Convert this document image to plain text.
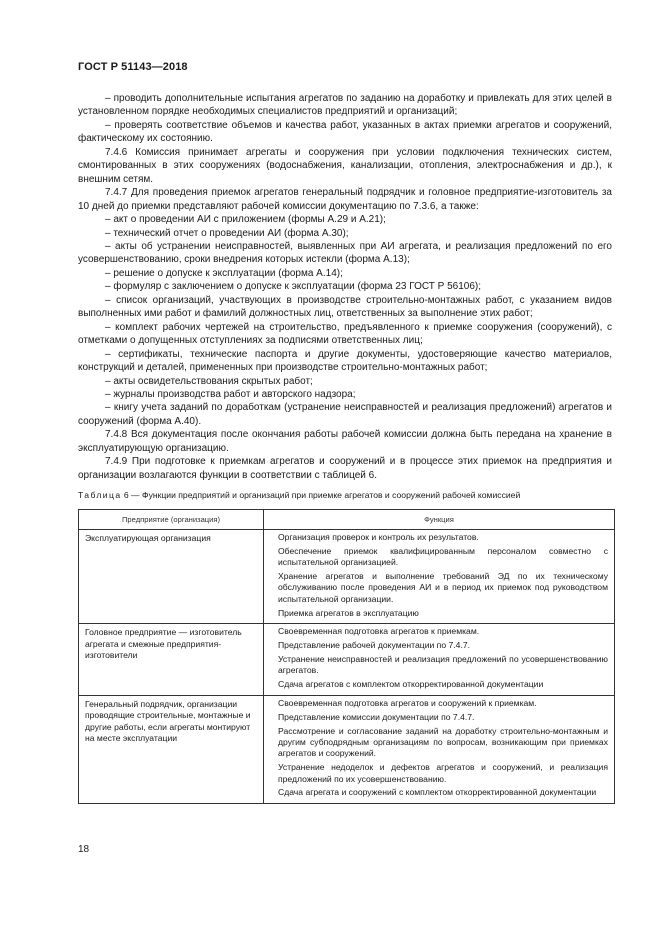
ГОСТ Р 51143—2018

– проводить дополнительные испытания агрегатов по заданию на доработку и привлекать для этих целей в установленном порядке необходимых специалистов предприятий и организаций;

– проверять соответствие объемов и качества работ, указанных в актах приемки агрегатов и сооружений, фактическому их состоянию.

7.4.6 Комиссия принимает агрегаты и сооружения при условии подключения технических систем, смонтированных в этих сооружениях (водоснабжения, канализации, отопления, электроснабжения и др.), к внешним сетям.

7.4.7 Для проведения приемок агрегатов генеральный подрядчик и головное предприятие-изготовитель за 10 дней до приемки представляют рабочей комиссии документацию по 7.3.6, а также:

– акт о проведении АИ с приложением (формы А.29 и А.21);

– технический отчет о проведении АИ (форма А.30);

– акты об устранении неисправностей, выявленных при АИ агрегата, и реализация предложений по его усовершенствованию, сроки внедрения которых истекли (форма А.13);

– решение о допуске к эксплуатации (форма А.14);

– формуляр с заключением о допуске к эксплуатации (форма 23 ГОСТ Р 56106);

– список организаций, участвующих в производстве строительно-монтажных работ, с указанием видов выполненных ими работ и фамилий должностных лиц, ответственных за выполнение этих работ;

– комплект рабочих чертежей на строительство, предъявленного к приемке сооружения (сооружений), с отметками о допущенных отступлениях за подписями ответственных лиц;

– сертификаты, технические паспорта и другие документы, удостоверяющие качество материалов, конструкций и деталей, примененных при производстве строительно-монтажных работ;

– акты освидетельствования скрытых работ;

– журналы производства работ и авторского надзора;

– книгу учета заданий по доработкам (устранение неисправностей и реализация предложений) агрегатов и сооружений (форма А.40).

7.4.8 Вся документация после окончания работы рабочей комиссии должна быть передана на хранение в эксплуатирующую организацию.

7.4.9 При подготовке к приемкам агрегатов и сооружений и в процессе этих приемок на предприятия и организации возлагаются функции в соответствии с таблицей 6.

Таблица 6 — Функции предприятий и организаций при приемке агрегатов и сооружений рабочей комиссией
Предприятие (организация)	Функция
Эксплуатирующая организация	Организация проверок и контроль их результатов.

Обеспечение приемок квалифицированным персоналом совместно с испытательной организацией.

Хранение агрегатов и выполнение требований ЭД по их техническому обслуживанию после проведения АИ и в период их приемок под руководством испытательной организации.

Приемка агрегатов в эксплуатацию

Головное предприятие — изготовитель агрегата и смежные предприятия-изготовители	Своевременная подготовка агрегатов к приемкам.

Представление рабочей документации по 7.4.7.

Устранение неисправностей и реализация предложений по усовершенствованию агрегатов.

Сдача агрегатов с комплектом откорректированной документации

Генеральный подрядчик, организации проводящие строительные, монтажные и другие работы, если агрегаты монтируют на месте эксплуатации	Своевременная подготовка агрегатов и сооружений к приемкам.

Представление комиссии документации по 7.4.7.

Рассмотрение и согласование заданий на доработку строительно-монтажным и другим субподрядным организациям по вопросам, возникающим при приемках агрегатов и сооружений.

Устранение недоделок и дефектов агрегатов и сооружений, и реализация предложений по их усовершенствованию.

Сдача агрегата и сооружений с комплектом откорректированной документации

18
